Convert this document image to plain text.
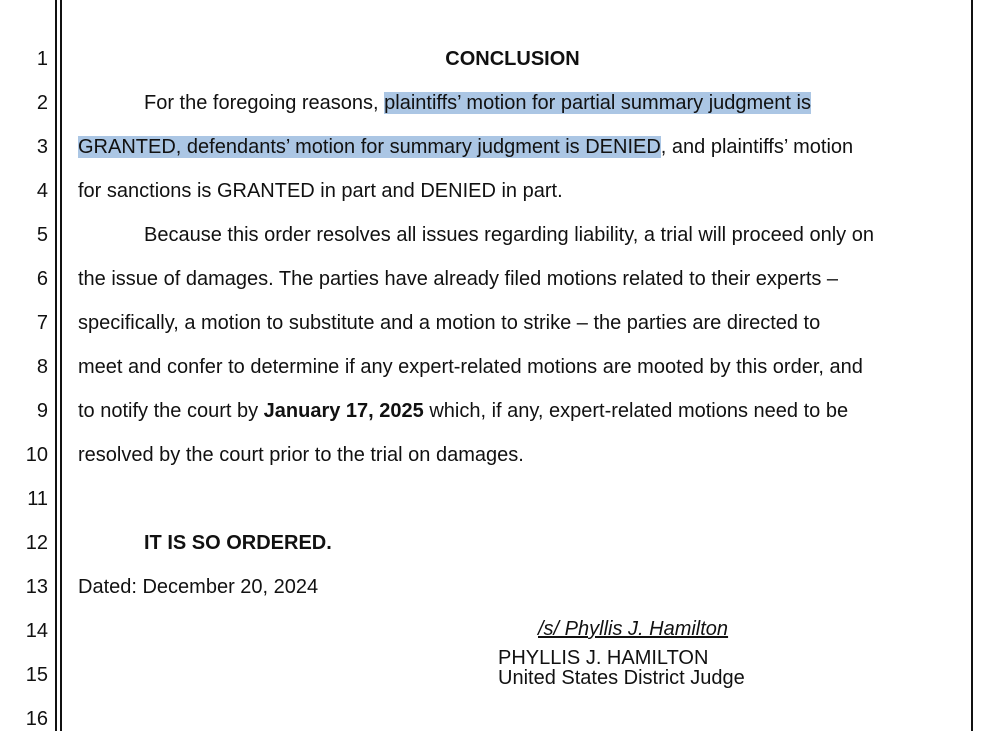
1
2
3
4
5
6
7
8
9
10
11
12
13
14
15
16
CONCLUSION
For the foregoing reasons, plaintiffs’ motion for partial summary judgment is
GRANTED, defendants’ motion for summary judgment is DENIED, and plaintiffs’ motion
for sanctions is GRANTED in part and DENIED in part.
Because this order resolves all issues regarding liability, a trial will proceed only on
the issue of damages. The parties have already filed motions related to their experts –
specifically, a motion to substitute and a motion to strike – the parties are directed to
meet and confer to determine if any expert-related motions are mooted by this order, and
to notify the court by January 17, 2025 which, if any, expert-related motions need to be
resolved by the court prior to the trial on damages.
IT IS SO ORDERED.
Dated: December 20, 2024
/s/ Phyllis J. Hamilton
PHYLLIS J. HAMILTON
United States District Judge
